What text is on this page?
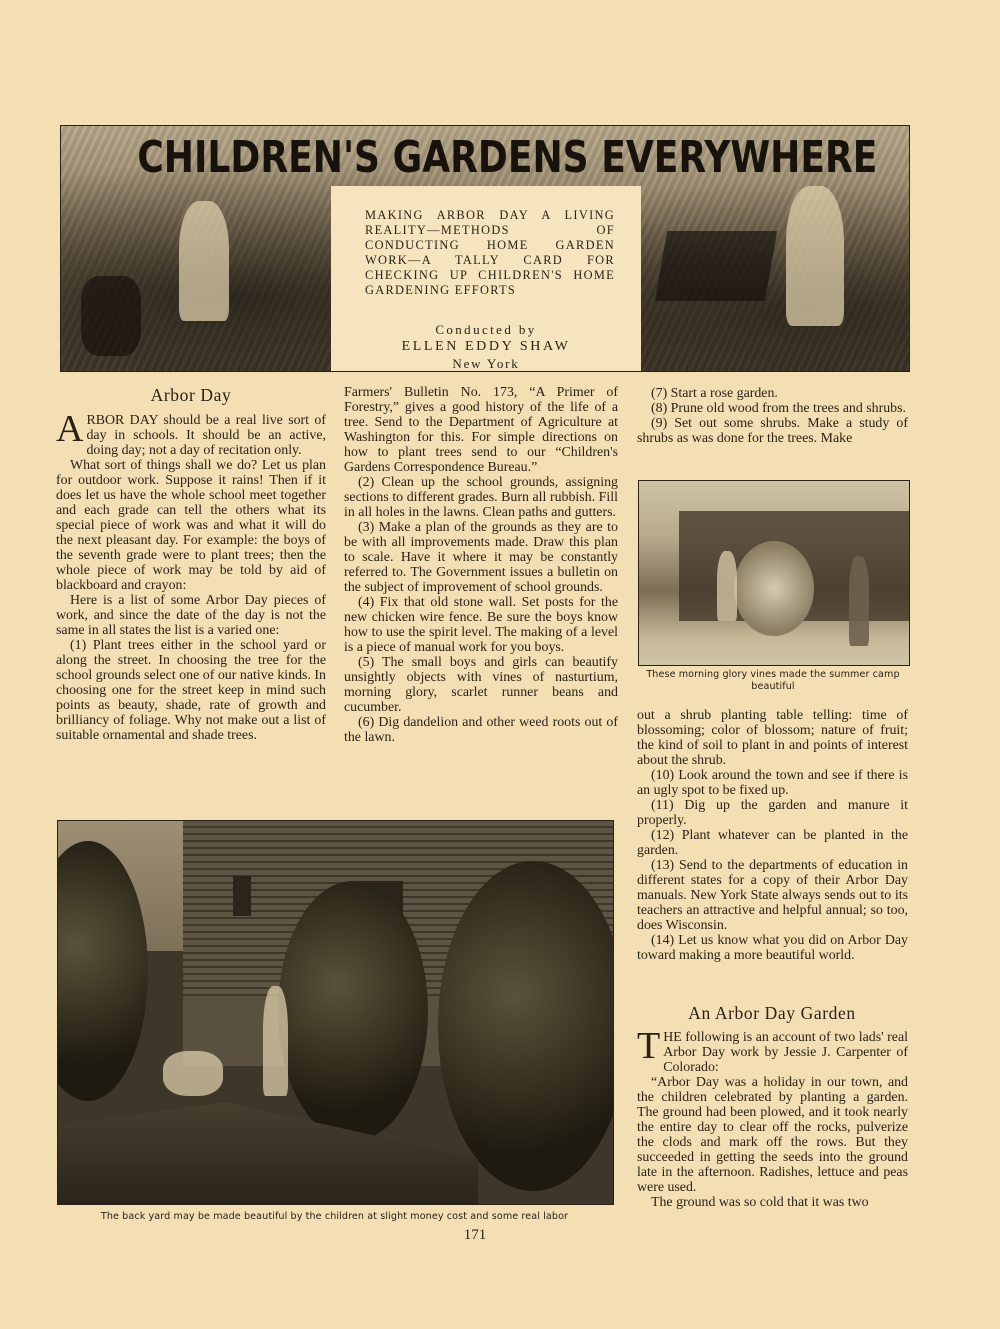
CHILDREN'S GARDENS EVERYWHERE
MAKING ARBOR DAY A LIVING REALITY—METHODS OF CONDUCTING HOME GARDEN WORK—A TALLY CARD FOR CHECKING UP CHILDREN'S HOME GARDENING EFFORTS
Conducted by
ELLEN EDDY SHAW
New York
Arbor Day

ARBOR DAY should be a real live sort of day in schools. It should be an active, doing day; not a day of recitation only.

What sort of things shall we do? Let us plan for outdoor work. Suppose it rains! Then if it does let us have the whole school meet together and each grade can tell the others what its special piece of work was and what it will do the next pleasant day. For example: the boys of the seventh grade were to plant trees; then the whole piece of work may be told by aid of blackboard and crayon:

Here is a list of some Arbor Day pieces of work, and since the date of the day is not the same in all states the list is a varied one:

(1) Plant trees either in the school yard or along the street. In choosing the tree for the school grounds select one of our native kinds. In choosing one for the street keep in mind such points as beauty, shade, rate of growth and brilliancy of foliage. Why not make out a list of suitable ornamental and shade trees.

Farmers' Bulletin No. 173, “A Primer of Forestry,” gives a good history of the life of a tree. Send to the Department of Agriculture at Washington for this. For simple directions on how to plant trees send to our “Children's Gardens Correspondence Bureau.”

(2) Clean up the school grounds, assigning sections to different grades. Burn all rubbish. Fill in all holes in the lawns. Clean paths and gutters.

(3) Make a plan of the grounds as they are to be with all improvements made. Draw this plan to scale. Have it where it may be constantly referred to. The Government issues a bulletin on the subject of improvement of school grounds.

(4) Fix that old stone wall. Set posts for the new chicken wire fence. Be sure the boys know how to use the spirit level. The making of a level is a piece of manual work for you boys.

(5) The small boys and girls can beautify unsightly objects with vines of nasturtium, morning glory, scarlet runner beans and cucumber.

(6) Dig dandelion and other weed roots out of the lawn.

(7) Start a rose garden.

(8) Prune old wood from the trees and shrubs.

(9) Set out some shrubs. Make a study of shrubs as was done for the trees. Make

These morning glory vines made the summer camp beautiful

out a shrub planting table telling: time of blossoming; color of blossom; nature of fruit; the kind of soil to plant in and points of interest about the shrub.

(10) Look around the town and see if there is an ugly spot to be fixed up.

(11) Dig up the garden and manure it properly.

(12) Plant whatever can be planted in the garden.

(13) Send to the departments of education in different states for a copy of their Arbor Day manuals. New York State always sends out to its teachers an attractive and helpful annual; so too, does Wisconsin.

(14) Let us know what you did on Arbor Day toward making a more beautiful world.

An Arbor Day Garden

THE following is an account of two lads' real Arbor Day work by Jessie J. Carpenter of Colorado:

“Arbor Day was a holiday in our town, and the children celebrated by planting a garden. The ground had been plowed, and it took nearly the entire day to clear off the rocks, pulverize the clods and mark off the rows. But they succeeded in getting the seeds into the ground late in the afternoon. Radishes, lettuce and peas were used.

The ground was so cold that it was two

The back yard may be made beautiful by the children at slight money cost and some real labor
171
